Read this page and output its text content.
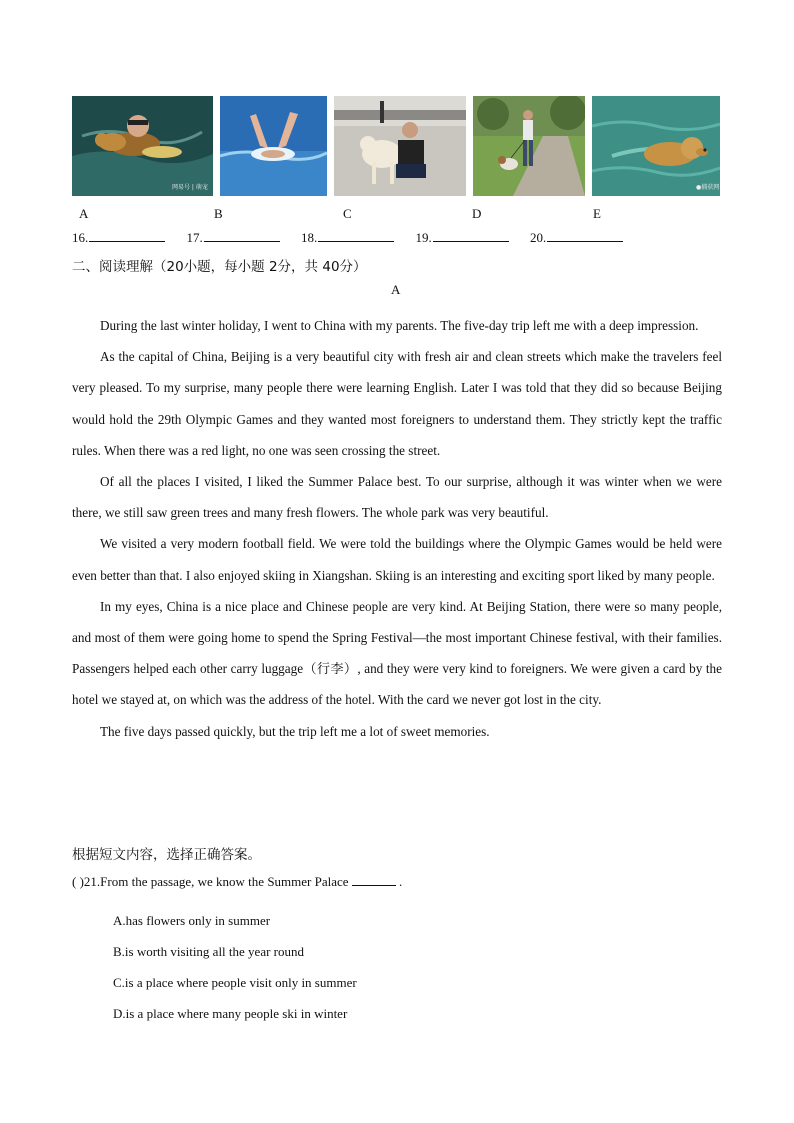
网易号 | 萌宠	●捕获网
A	B	C	D	E
16.	17.	18.	19.	20.
二、阅读理解（20小题，每小题 2分，共 40分）
A

During the last winter holiday, I went to China with my parents. The five-day trip left me with a deep impression.

As the capital of China, Beijing is a very beautiful city with fresh air and clean streets which make the travelers feel very pleased. To my surprise, many people there were learning English. Later I was told that they did so because Beijing would hold the 29th Olympic Games and they wanted most foreigners to understand them. They strictly kept the traffic rules. When there was a red light, no one was seen crossing the street.

Of all the places I visited, I liked the Summer Palace best. To our surprise, although it was winter when we were there, we still saw green trees and many fresh flowers. The whole park was very beautiful.

We visited a very modern football field. We were told the buildings where the Olympic Games would be held were even better than that. I also enjoyed skiing in Xiangshan. Skiing is an interesting and exciting sport liked by many people.

In my eyes, China is a nice place and Chinese people are very kind. At Beijing Station, there were so many people, and most of them were going home to spend the Spring Festival—the most important Chinese festival, with their families. Passengers helped each other carry luggage（行李）, and they were very kind to foreigners. We were given a card by the hotel we stayed at, on which was the address of the hotel. With the card we never got lost in the city.

The five days passed quickly, but the trip left me a lot of sweet memories.

根据短文内容，选择正确答案。
( )21.From the passage, we know the Summer Palace	.
A.has flowers only in summer
B.is worth visiting all the year round
C.is a place where people visit only in summer
D.is a place where many people ski in winter
